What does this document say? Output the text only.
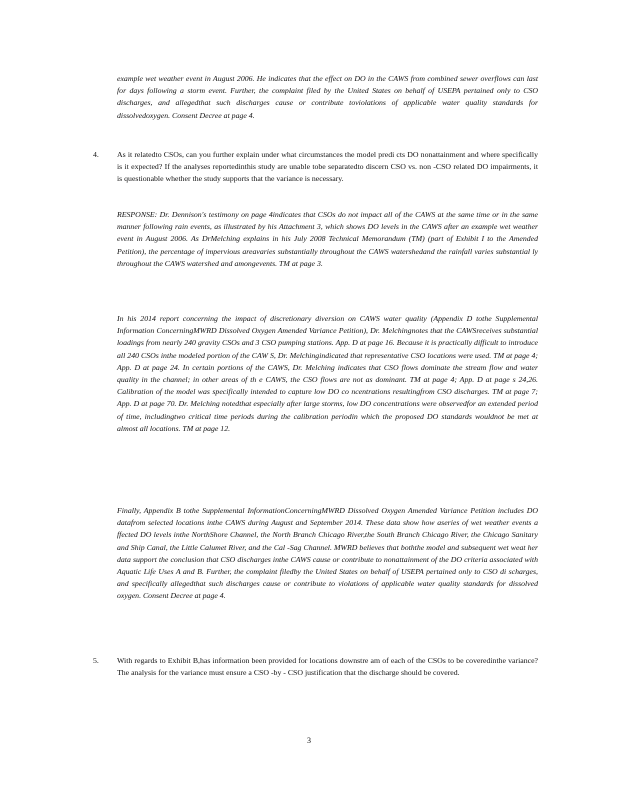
example wet weather event in August 2006. He indicates that the effect on DO in the CAWS from combined sewer overflows can last for days following a storm event. Further, the complaint filed by the United States on behalf of USEPA pertained only to CSO discharges, and allegedthat such discharges cause or contribute toviolations of applicable water quality standards for dissolvedoxygen. Consent Decree at page 4.

4. As it relatedto CSOs, can you further explain under what circumstances the model predi cts DO nonattainment and where specifically is it expected? If the analyses reportedinthis study are unable tobe separatedto discern CSO vs. non -CSO related DO impairments, it is questionable whether the study supports that the variance is necessary.

RESPONSE: Dr. Dennison's testimony on page 4indicates that CSOs do not impact all of the CAWS at the same time or in the same manner following rain events, as illustrated by his Attachment 3, which shows DO levels in the CAWS after an example wet weather event in August 2006. As DrMelching explains in his July 2008 Technical Memorandum (TM) (part of Exhibit I to the Amended Petition), the percentage of impervious areavaries substantially throughout the CAWS watershedand the rainfall varies substantial ly throughout the CAWS watershed and amongevents. TM at page 3.

In his 2014 report concerning the impact of discretionary diversion on CAWS water quality (Appendix D tothe Supplemental Information ConcerningMWRD Dissolved Oxygen Amended Variance Petition), Dr. Melchingnotes that the CAWSreceives substantial loadings from nearly 240 gravity CSOs and 3 CSO pumping stations. App. D at page 16. Because it is practically difficult to introduce all 240 CSOs inthe modeled portion of the CAW S, Dr. Melchingindicated that representative CSO locations were used. TM at page 4; App. D at page 24. In certain portions of the CAWS, Dr. Melching indicates that CSO flows dominate the stream flow and water quality in the channel; in other areas of th e CAWS, the CSO flows are not as dominant. TM at page 4; App. D at page s 24,26. Calibration of the model was specifically intended to capture low DO co ncentrations resultingfrom CSO discharges. TM at page 7; App. D at page 70. Dr. Melching notedthat especially after large storms, low DO concentrations were observedfor an extended period of time, includingtwo critical time periods during the calibration periodin which the proposed DO standards wouldnot be met at almost all locations. TM at page 12.

Finally, Appendix B tothe Supplemental InformationConcerningMWRD Dissolved Oxygen Amended Variance Petition includes DO datafrom selected locations inthe CAWS during August and September 2014. These data show how aseries of wet weather events a ffected DO levels inthe NorthShore Channel, the North Branch Chicago River,the South Branch Chicago River, the Chicago Sanitary and Ship Canal, the Little Calumet River, and the Cal -Sag Channel. MWRD believes that boththe model and subsequent wet weat her data support the conclusion that CSO discharges inthe CAWS cause or contribute to nonattainment of the DO criteria associated with Aquatic Life Uses A and B. Further, the complaint filedby the United States on behalf of USEPA pertained only to CSO di scharges, and specifically allegedthat such discharges cause or contribute to violations of applicable water quality standards for dissolved oxygen. Consent Decree at page 4.

5. With regards to Exhibit B,has information been provided for locations downstre am of each of the CSOs to be coveredinthe variance?The analysis for the variance must ensure a CSO -by - CSO justification that the discharge should be covered.

3
